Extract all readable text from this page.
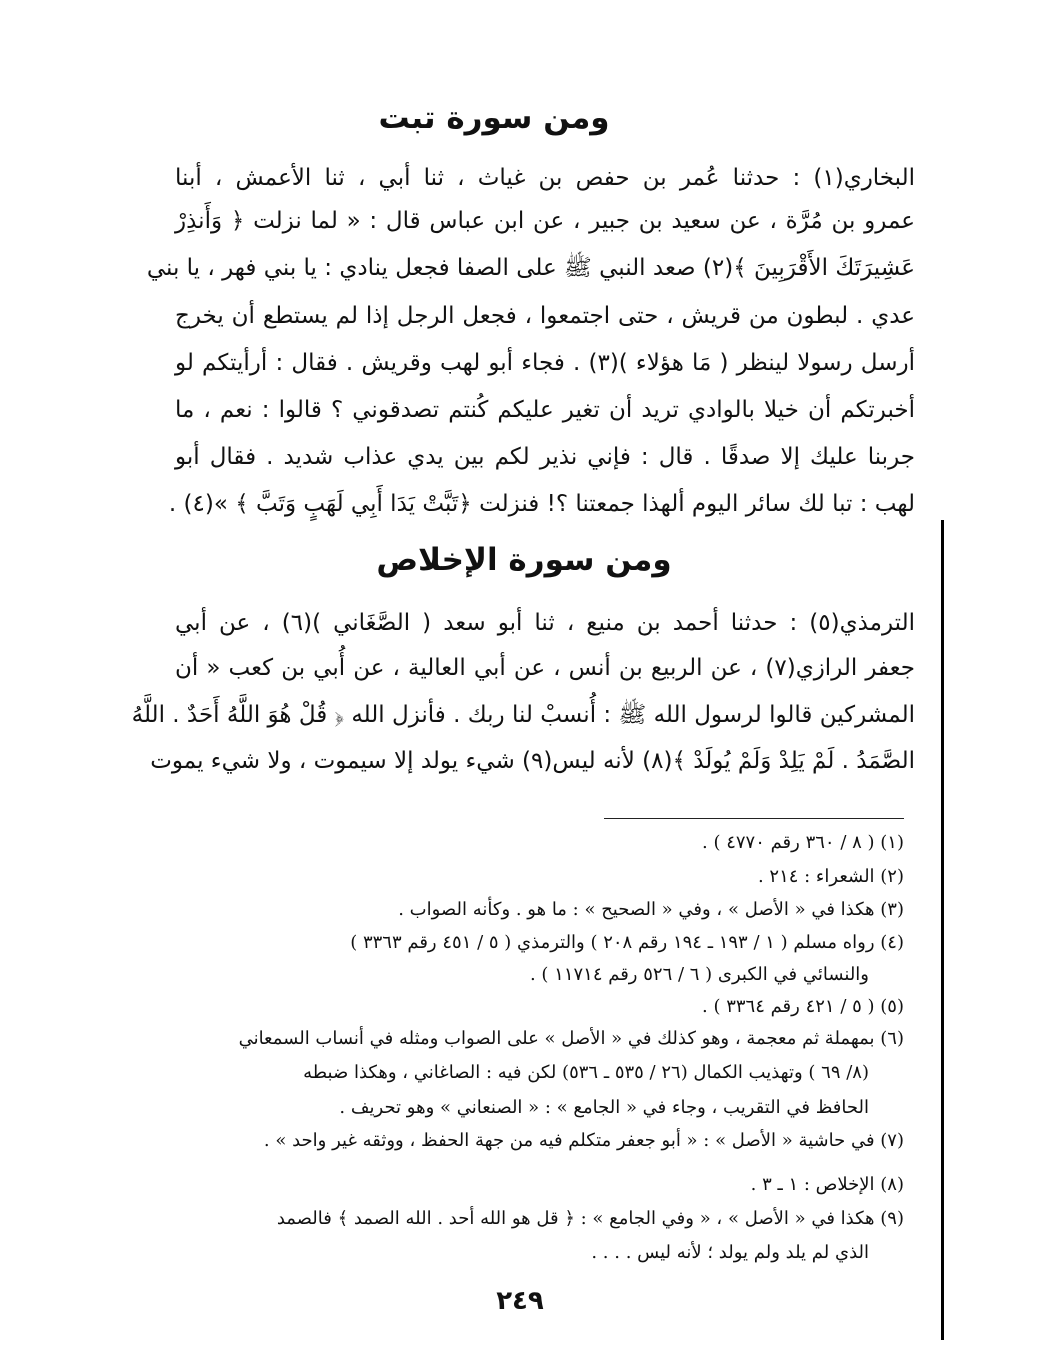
ومن سورة تبت
البخاري(١) : حدثنا عُمر بن حفص بن غياث ، ثنا أبي ، ثنا الأعمش ، أبنا
عمرو بن مُرَّة ، عن سعيد بن جبير ، عن ابن عباس قال : « لما نزلت ﴿ وَأَنذِرْ
عَشِيرَتَكَ الأَقْرَبِينَ ﴾(٢) صعد النبي ﷺ على الصفا فجعل ينادي : يا بني فهر ، يا بني
عدي . لبطون من قريش ، حتى اجتمعوا ، فجعل الرجل إذا لم يستطع أن يخرج
أرسل رسولا لينظر ( مَا هؤلاء )(٣) . فجاء أبو لهب وقريش . فقال : أرأيتكم لو
أخبرتكم أن خيلا بالوادي تريد أن تغير عليكم كُنتم تصدقوني ؟ قالوا : نعم ، ما
جربنا عليك إلا صدقًا . قال : فإني نذير لكم بين يدي عذاب شديد . فقال أبو
لهب : تبا لك سائر اليوم ألهذا جمعتنا ؟! فنزلت ﴿تَبَّتْ يَدَا أَبِي لَهَبٍ وَتَبَّ ﴾ »(٤) .
ومن سورة الإخلاص
الترمذي(٥) : حدثنا أحمد بن منيع ، ثنا أبو سعد ( الصَّغَاني )(٦) ، عن أبي
جعفر الرازي(٧) ، عن الربيع بن أنس ، عن أبي العالية ، عن أُبي بن كعب « أن
المشركين قالوا لرسول الله ﷺ : أُنسبْ لنا ربك . فأنزل الله ﴿ قُلْ هُوَ اللَّهُ أَحَدٌ . اللَّهُ
الصَّمَدُ . لَمْ يَلِدْ وَلَمْ يُولَدْ ﴾(٨) لأنه ليس(٩) شيء يولد إلا سيموت ، ولا شيء يموت
(١) ( ٨ / ٣٦٠ رقم ٤٧٧٠ ) .
(٢) الشعراء : ٢١٤ .
(٣) هكذا في « الأصل » ، وفي « الصحيح » : ما هو . وكأنه الصواب .
(٤) رواه مسلم ( ١ / ١٩٣ ـ ١٩٤ رقم ٢٠٨ ) والترمذي ( ٥ / ٤٥١ رقم ٣٣٦٣ )
والنسائي في الكبرى ( ٦ / ٥٢٦ رقم ١١٧١٤ ) .
(٥) ( ٥ / ٤٢١ رقم ٣٣٦٤ ) .
(٦) بمهملة ثم معجمة ، وهو كذلك في « الأصل » على الصواب ومثله في أنساب السمعاني
(٨/ ٦٩ ) وتهذيب الكمال (٢٦ / ٥٣٥ ـ ٥٣٦) لكن فيه : الصاغاني ، وهكذا ضبطه
الحافظ في التقريب ، وجاء في « الجامع » : « الصنعاني » وهو تحريف .
(٧) في حاشية « الأصل » : « أبو جعفر متكلم فيه من جهة الحفظ ، ووثقه غير واحد » .
(٨) الإخلاص : ١ ـ ٣ .
(٩) هكذا في « الأصل » ، « وفي الجامع » : ﴿ قل هو الله أحد . الله الصمد ﴾ فالصمد
الذي لم يلد ولم يولد ؛ لأنه ليس . . . .
٢٤٩
